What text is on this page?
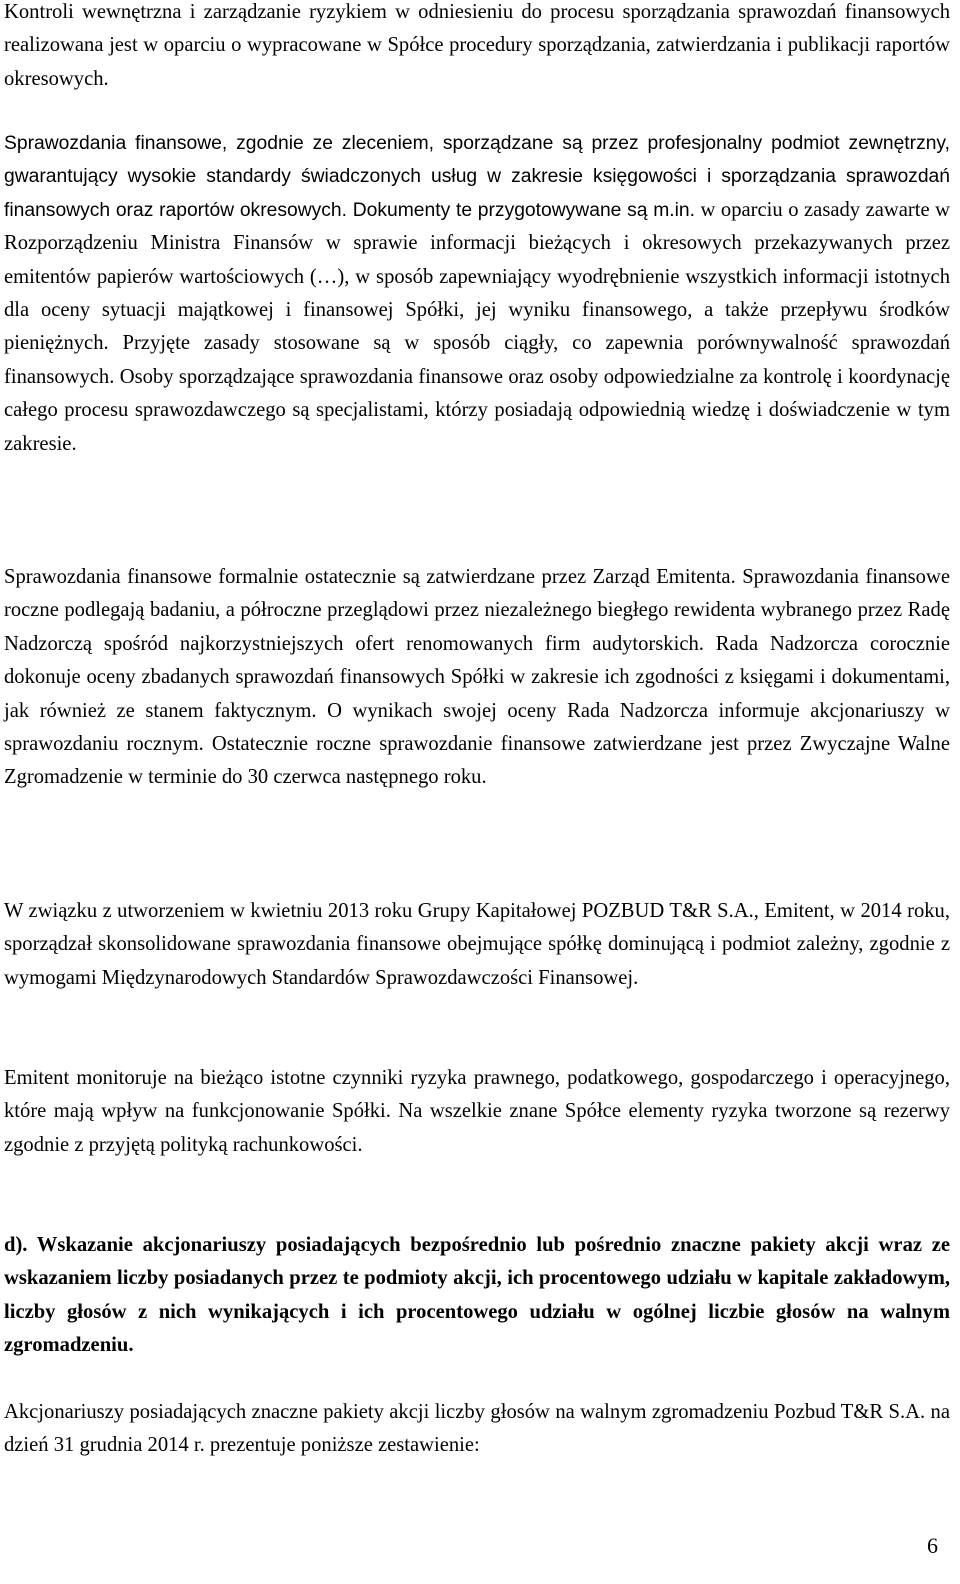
Kontroli wewnętrzna i zarządzanie ryzykiem w odniesieniu do procesu sporządzania sprawozdań finansowych realizowana jest w oparciu o wypracowane w Spółce procedury sporządzania, zatwierdzania i publikacji raportów okresowych.

Sprawozdania finansowe, zgodnie ze zleceniem, sporządzane są przez profesjonalny podmiot zewnętrzny, gwarantujący wysokie standardy świadczonych usług w zakresie księgowości i sporządzania sprawozdań finansowych oraz raportów okresowych. Dokumenty te przygotowywane są m.in. w oparciu o zasady zawarte w Rozporządzeniu Ministra Finansów w sprawie informacji bieżących i okresowych przekazywanych przez emitentów papierów wartościowych (…), w sposób zapewniający wyodrębnienie wszystkich informacji istotnych dla oceny sytuacji majątkowej i finansowej Spółki, jej wyniku finansowego, a także przepływu środków pieniężnych. Przyjęte zasady stosowane są w sposób ciągły, co zapewnia porównywalność sprawozdań finansowych. Osoby sporządzające sprawozdania finansowe oraz osoby odpowiedzialne za kontrolę i koordynację całego procesu sprawozdawczego są specjalistami, którzy posiadają odpowiednią wiedzę i doświadczenie w tym zakresie.

Sprawozdania finansowe formalnie ostatecznie są zatwierdzane przez Zarząd Emitenta. Sprawozdania finansowe roczne podlegają badaniu, a półroczne przeglądowi przez niezależnego biegłego rewidenta wybranego przez Radę Nadzorczą spośród najkorzystniejszych ofert renomowanych firm audytorskich. Rada Nadzorcza corocznie dokonuje oceny zbadanych sprawozdań finansowych Spółki w zakresie ich zgodności z księgami i dokumentami, jak również ze stanem faktycznym. O wynikach swojej oceny Rada Nadzorcza informuje akcjonariuszy w sprawozdaniu rocznym. Ostatecznie roczne sprawozdanie finansowe zatwierdzane jest przez Zwyczajne Walne Zgromadzenie w terminie do 30 czerwca następnego roku.

W związku z utworzeniem w kwietniu 2013 roku Grupy Kapitałowej POZBUD T&R S.A., Emitent, w 2014 roku, sporządzał skonsolidowane sprawozdania finansowe obejmujące spółkę dominującą i podmiot zależny, zgodnie z wymogami Międzynarodowych Standardów Sprawozdawczości Finansowej.

Emitent monitoruje na bieżąco istotne czynniki ryzyka prawnego, podatkowego, gospodarczego i operacyjnego, które mają wpływ na funkcjonowanie Spółki. Na wszelkie znane Spółce elementy ryzyka tworzone są rezerwy zgodnie z przyjętą polityką rachunkowości.

d). Wskazanie akcjonariuszy posiadających bezpośrednio lub pośrednio znaczne pakiety akcji wraz ze wskazaniem liczby posiadanych przez te podmioty akcji, ich procentowego udziału w kapitale zakładowym, liczby głosów z nich wynikających i ich procentowego udziału w ogólnej liczbie głosów na walnym zgromadzeniu.

Akcjonariuszy posiadających znaczne pakiety akcji liczby głosów na walnym zgromadzeniu Pozbud T&R S.A. na dzień 31 grudnia 2014 r. prezentuje poniższe zestawienie:

6
